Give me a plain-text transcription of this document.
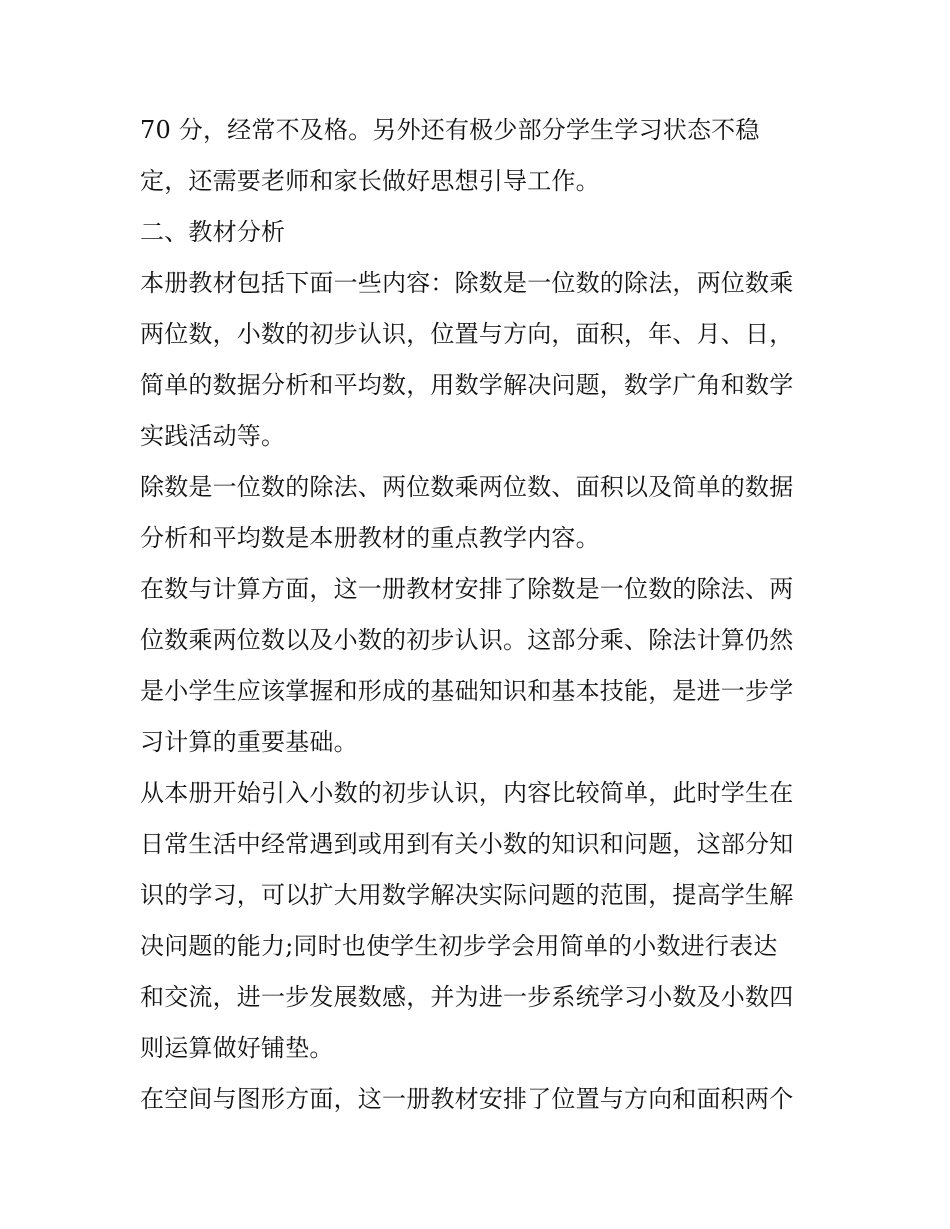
70 分，经常不及格。另外还有极少部分学生学习状态不稳
定，还需要老师和家长做好思想引导工作。
二、教材分析
本册教材包括下面一些内容：除数是一位数的除法，两位数乘
两位数，小数的初步认识，位置与方向，面积，年、月、日，
简单的数据分析和平均数，用数学解决问题，数学广角和数学
实践活动等。
除数是一位数的除法、两位数乘两位数、面积以及简单的数据
分析和平均数是本册教材的重点教学内容。
在数与计算方面，这一册教材安排了除数是一位数的除法、两
位数乘两位数以及小数的初步认识。这部分乘、除法计算仍然
是小学生应该掌握和形成的基础知识和基本技能，是进一步学
习计算的重要基础。
从本册开始引入小数的初步认识，内容比较简单，此时学生在
日常生活中经常遇到或用到有关小数的知识和问题，这部分知
识的学习，可以扩大用数学解决实际问题的范围，提高学生解
决问题的能力;同时也使学生初步学会用简单的小数进行表达
和交流，进一步发展数感，并为进一步系统学习小数及小数四
则运算做好铺垫。
在空间与图形方面，这一册教材安排了位置与方向和面积两个
